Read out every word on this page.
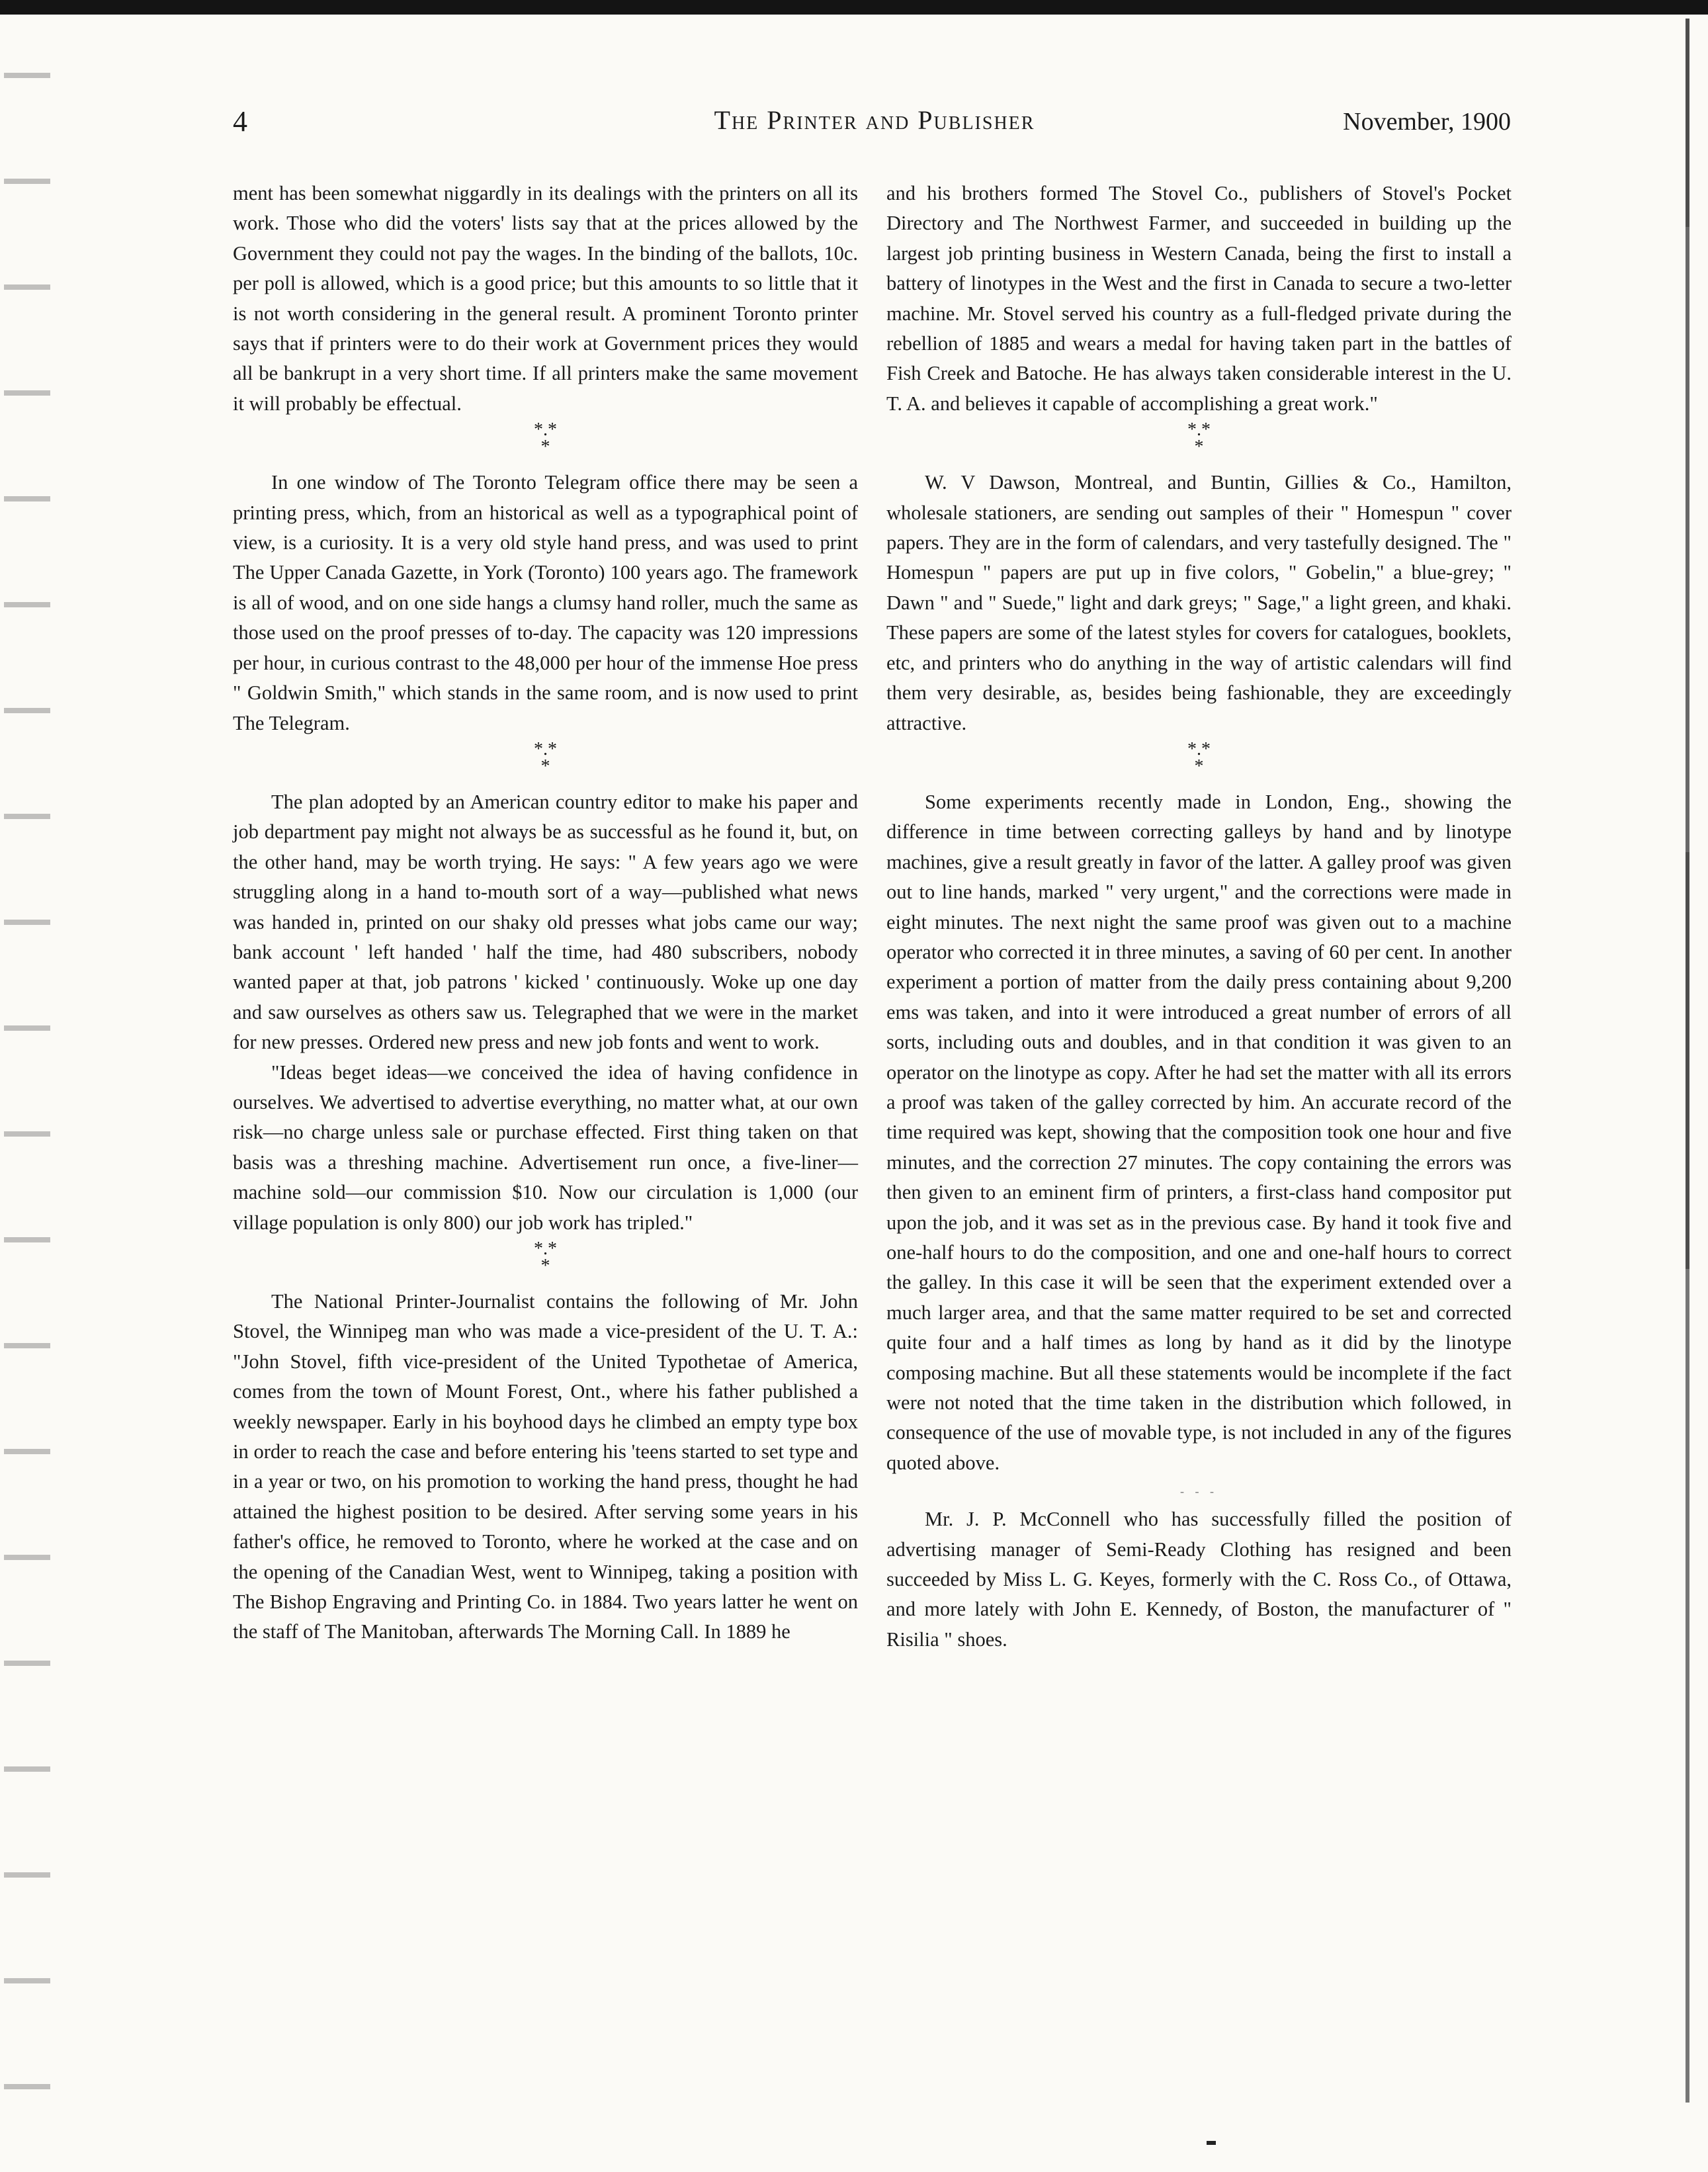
4	The Printer and Publisher	November, 1900

ment has been somewhat niggardly in its dealings with the printers on all its work. Those who did the voters' lists say that at the prices allowed by the Government they could not pay the wages. In the binding of the ballots, 10c. per poll is allowed, which is a good price; but this amounts to so little that it is not worth considering in the general result. A prominent Toronto printer says that if printers were to do their work at Government prices they would all be bankrupt in a very short time. If all printers make the same movement it will probably be effectual.

*.*
*

In one window of The Toronto Telegram office there may be seen a printing press, which, from an historical as well as a typographical point of view, is a curiosity. It is a very old style hand press, and was used to print The Upper Canada Gazette, in York (Toronto) 100 years ago. The framework is all of wood, and on one side hangs a clumsy hand roller, much the same as those used on the proof presses of to-day. The capacity was 120 impressions per hour, in curious contrast to the 48,000 per hour of the immense Hoe press " Goldwin Smith," which stands in the same room, and is now used to print The Telegram.

*.*
*

The plan adopted by an American country editor to make his paper and job department pay might not always be as successful as he found it, but, on the other hand, may be worth trying. He says: " A few years ago we were struggling along in a hand to-mouth sort of a way—published what news was handed in, printed on our shaky old presses what jobs came our way; bank account ' left handed ' half the time, had 480 subscribers, nobody wanted paper at that, job patrons ' kicked ' continuously. Woke up one day and saw ourselves as others saw us. Telegraphed that we were in the market for new presses. Ordered new press and new job fonts and went to work.

"Ideas beget ideas—we conceived the idea of having confidence in ourselves. We advertised to advertise everything, no matter what, at our own risk—no charge unless sale or purchase effected. First thing taken on that basis was a threshing machine. Advertisement run once, a five-liner—machine sold—our commission $10. Now our circulation is 1,000 (our village population is only 800) our job work has tripled."

*.*
*

The National Printer-Journalist contains the following of Mr. John Stovel, the Winnipeg man who was made a vice-president of the U. T. A.: "John Stovel, fifth vice-president of the United Typothetae of America, comes from the town of Mount Forest, Ont., where his father published a weekly newspaper. Early in his boyhood days he climbed an empty type box in order to reach the case and before entering his 'teens started to set type and in a year or two, on his promotion to working the hand press, thought he had attained the highest position to be desired. After serving some years in his father's office, he removed to Toronto, where he worked at the case and on the opening of the Canadian West, went to Winnipeg, taking a position with The Bishop Engraving and Printing Co. in 1884. Two years latter he went on the staff of The Manitoban, afterwards The Morning Call. In 1889 he

and his brothers formed The Stovel Co., publishers of Stovel's Pocket Directory and The Northwest Farmer, and succeeded in building up the largest job printing business in Western Canada, being the first to install a battery of linotypes in the West and the first in Canada to secure a two-letter machine. Mr. Stovel served his country as a full-fledged private during the rebellion of 1885 and wears a medal for having taken part in the battles of Fish Creek and Batoche. He has always taken considerable interest in the U. T. A. and believes it capable of accomplishing a great work."

*.*
*

W. V Dawson, Montreal, and Buntin, Gillies & Co., Hamilton, wholesale stationers, are sending out samples of their " Homespun " cover papers. They are in the form of calendars, and very tastefully designed. The " Homespun " papers are put up in five colors, " Gobelin," a blue-grey; " Dawn " and " Suede," light and dark greys; " Sage," a light green, and khaki. These papers are some of the latest styles for covers for catalogues, booklets, etc, and printers who do anything in the way of artistic calendars will find them very desirable, as, besides being fashionable, they are exceedingly attractive.

*.*
*

Some experiments recently made in London, Eng., showing the difference in time between correcting galleys by hand and by linotype machines, give a result greatly in favor of the latter. A galley proof was given out to line hands, marked " very urgent," and the corrections were made in eight minutes. The next night the same proof was given out to a machine operator who corrected it in three minutes, a saving of 60 per cent. In another experiment a portion of matter from the daily press containing about 9,200 ems was taken, and into it were introduced a great number of errors of all sorts, including outs and doubles, and in that condition it was given to an operator on the linotype as copy. After he had set the matter with all its errors a proof was taken of the galley corrected by him. An accurate record of the time required was kept, showing that the composition took one hour and five minutes, and the correction 27 minutes. The copy containing the errors was then given to an eminent firm of printers, a first-class hand compositor put upon the job, and it was set as in the previous case. By hand it took five and one-half hours to do the composition, and one and one-half hours to correct the galley. In this case it will be seen that the experiment extended over a much larger area, and that the same matter required to be set and corrected quite four and a half times as long by hand as it did by the linotype composing machine. But all these statements would be incomplete if the fact were not noted that the time taken in the distribution which followed, in consequence of the use of movable type, is not included in any of the figures quoted above.

- - -

Mr. J. P. McConnell who has successfully filled the position of advertising manager of Semi-Ready Clothing has resigned and been succeeded by Miss L. G. Keyes, formerly with the C. Ross Co., of Ottawa, and more lately with John E. Kennedy, of Boston, the manufacturer of " Risilia " shoes.
